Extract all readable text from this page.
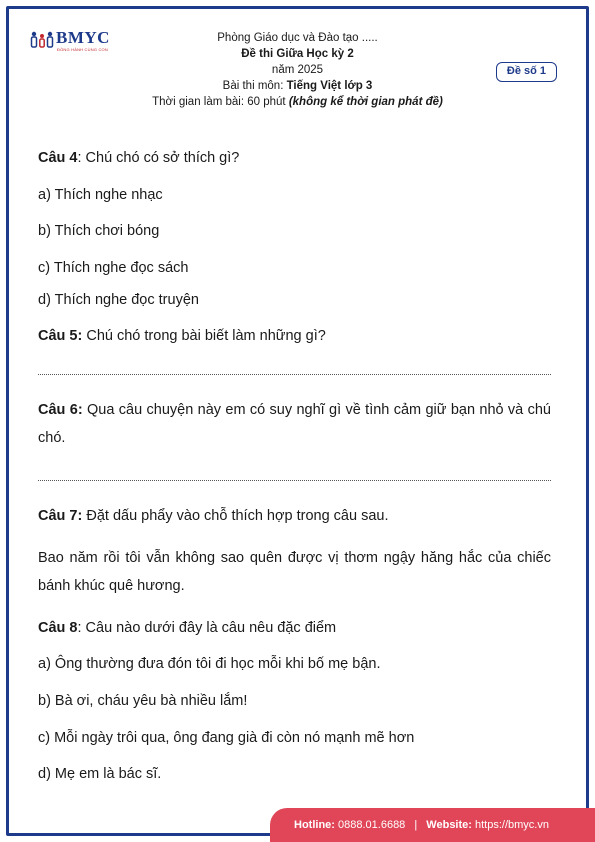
BMYC
ĐỒNG HÀNH CÙNG CON
Phòng Giáo dục và Đào tạo .....
Đề thi Giữa Học kỳ 2
năm 2025
Bài thi môn: Tiếng Việt lớp 3
Thời gian làm bài: 60 phút (không kể thời gian phát đề)
Đề số 1
Câu 4: Chú chó có sở thích gì?
a) Thích nghe nhạc
b) Thích chơi bóng
c) Thích nghe đọc sách
d) Thích nghe đọc truyện
Câu 5: Chú chó trong bài biết làm những gì?
Câu 6: Qua câu chuyện này em có suy nghĩ gì về tình cảm giữ bạn nhỏ và chú chó.
Câu 7: Đặt dấu phẩy vào chỗ thích hợp trong câu sau.
Bao năm rồi tôi vẫn không sao quên được vị thơm ngậy hăng hắc của chiếc bánh khúc quê hương.
Câu 8: Câu nào dưới đây là câu nêu đặc điểm
a) Ông thường đưa đón tôi đi học mỗi khi bố mẹ bận.
b) Bà ơi, cháu yêu bà nhiều lắm!
c) Mỗi ngày trôi qua, ông đang già đi còn nó mạnh mẽ hơn
d) Mẹ em là bác sĩ.
Hotline: 0888.01.6688 | Website: https://bmyc.vn
